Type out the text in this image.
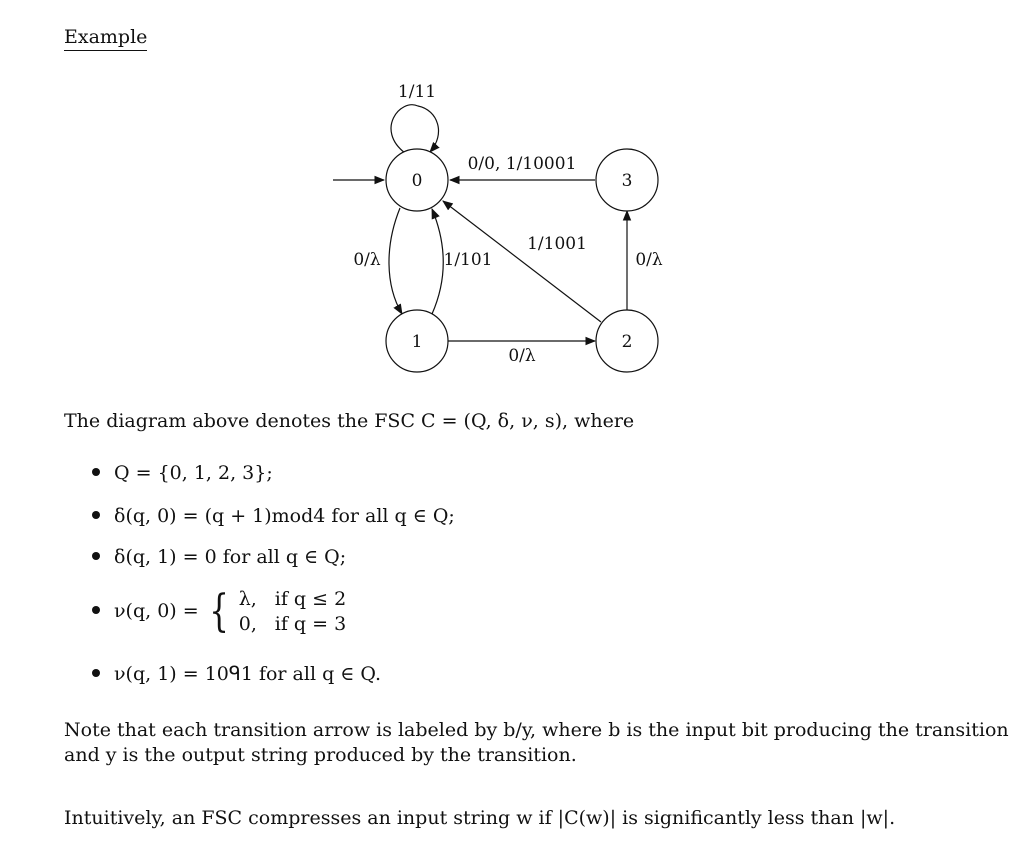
Example
1/11
0/0, 1/10001
1/1001
0/λ	1/101	0/λ
0/λ
0	3
1	2
The diagram above denotes the FSC C = (Q, δ, ν, s), where
Q = {0, 1, 2, 3};
δ(q, 0) = (q + 1)mod4 for all q ∈ Q;
δ(q, 1) = 0 for all q ∈ Q;
ν(q, 0) = { λ, if q ≤ 2
0, if q = 3
ν(q, 1) = 10ᑫ1 for all q ∈ Q.
Note that each transition arrow is labeled by b/y, where b is the input bit producing the transition
and y is the output string produced by the transition.
Intuitively, an FSC compresses an input string w if |C(w)| is significantly less than |w|.
